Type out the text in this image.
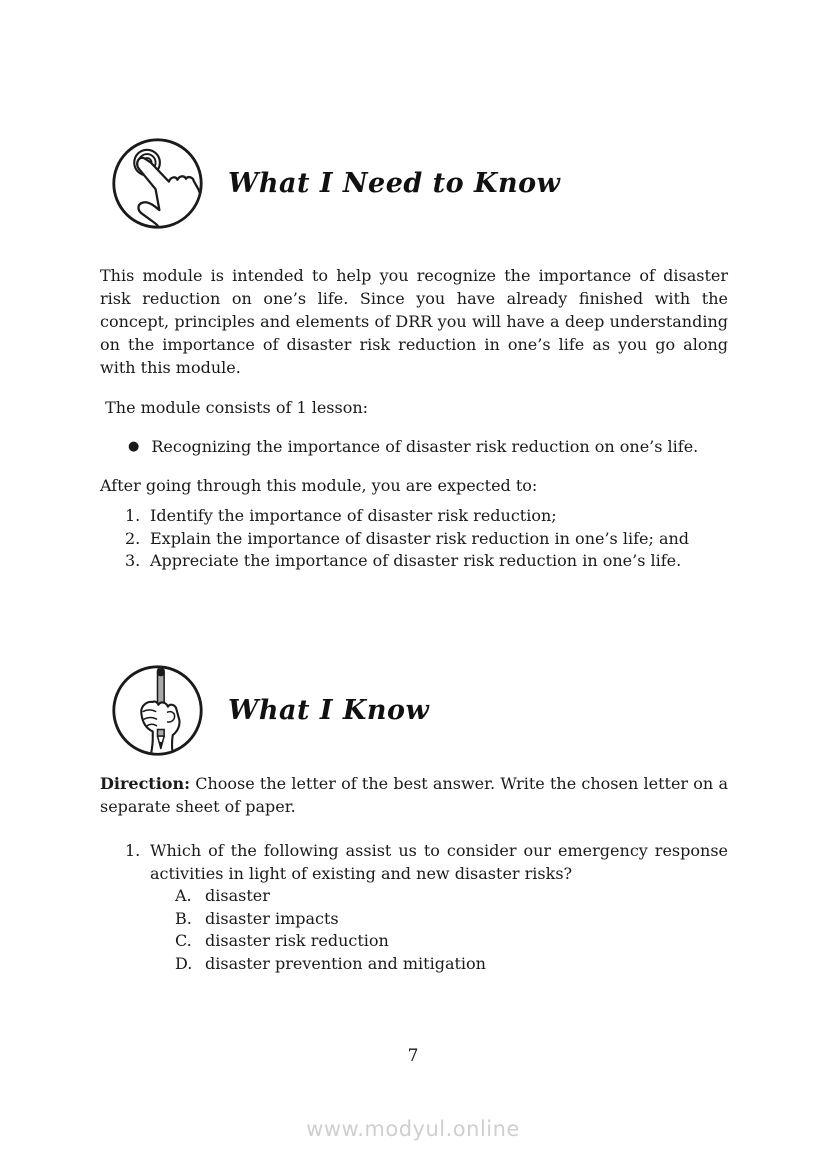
What I Need to Know

This module is intended to help you recognize the importance of disaster risk reduction on one’s life. Since you have already finished with the concept, principles and elements of DRR you will have a deep understanding on the importance of disaster risk reduction in one’s life as you go along with this module.

The module consists of 1 lesson:

● Recognizing the importance of disaster risk reduction on one’s life.

After going through this module, you are expected to:

1. Identify the importance of disaster risk reduction;
2. Explain the importance of disaster risk reduction in one’s life; and
3. Appreciate the importance of disaster risk reduction in one’s life.
What I Know

Direction: Choose the letter of the best answer. Write the chosen letter on a separate sheet of paper.

1. Which of the following assist us to consider our emergency response activities in light of existing and new disaster risks?
A. disaster
B. disaster impacts
C. disaster risk reduction
D. disaster prevention and mitigation
7
www.modyul.online
